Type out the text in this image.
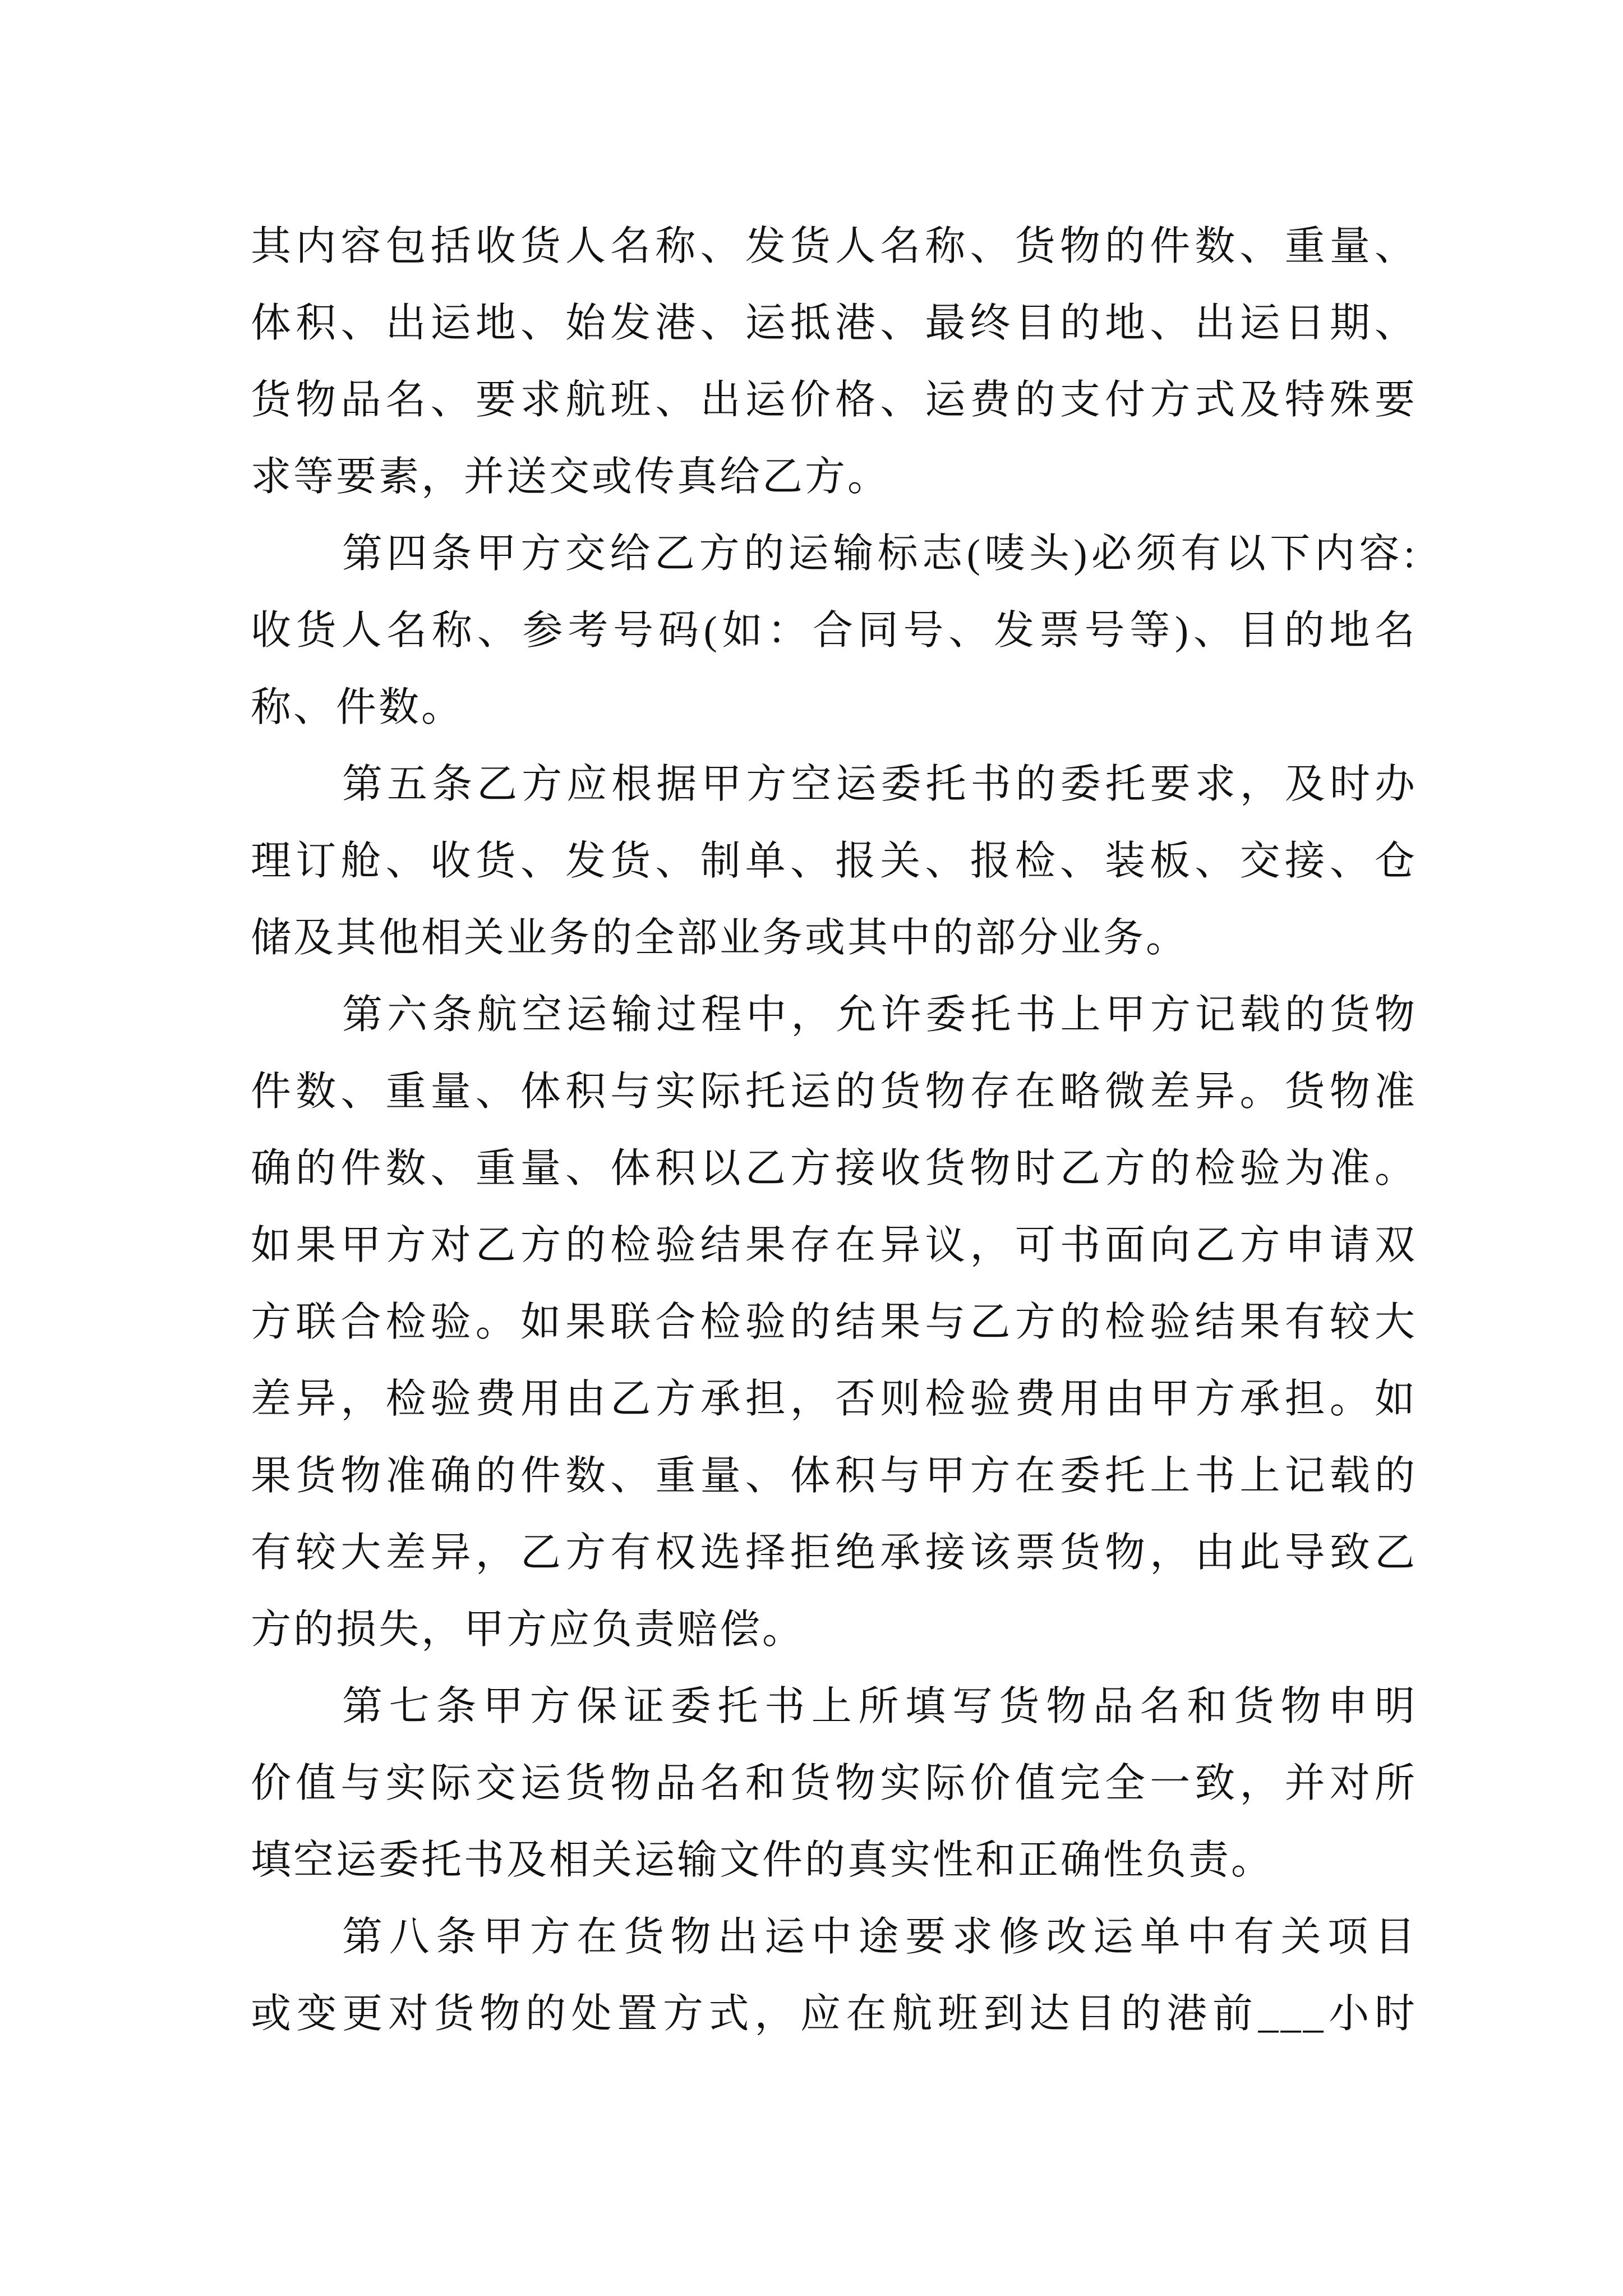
其内容包括收货人名称、发货人名称、货物的件数、重量、
体积、出运地、始发港、运抵港、最终目的地、出运日期、
货物品名、要求航班、出运价格、运费的支付方式及特殊要
求等要素，并送交或传真给乙方。
第四条甲方交给乙方的运输标志(唛头)必须有以下内容:
收货人名称、参考号码(如：合同号、发票号等)、目的地名
称、件数。
第五条乙方应根据甲方空运委托书的委托要求，及时办
理订舱、收货、发货、制单、报关、报检、装板、交接、仓
储及其他相关业务的全部业务或其中的部分业务。
第六条航空运输过程中，允许委托书上甲方记载的货物
件数、重量、体积与实际托运的货物存在略微差异。货物准
确的件数、重量、体积以乙方接收货物时乙方的检验为准。
如果甲方对乙方的检验结果存在异议，可书面向乙方申请双
方联合检验。如果联合检验的结果与乙方的检验结果有较大
差异，检验费用由乙方承担，否则检验费用由甲方承担。如
果货物准确的件数、重量、体积与甲方在委托上书上记载的
有较大差异，乙方有权选择拒绝承接该票货物，由此导致乙
方的损失，甲方应负责赔偿。
第七条甲方保证委托书上所填写货物品名和货物申明
价值与实际交运货物品名和货物实际价值完全一致，并对所
填空运委托书及相关运输文件的真实性和正确性负责。
第八条甲方在货物出运中途要求修改运单中有关项目
或变更对货物的处置方式，应在航班到达目的港前___小时
